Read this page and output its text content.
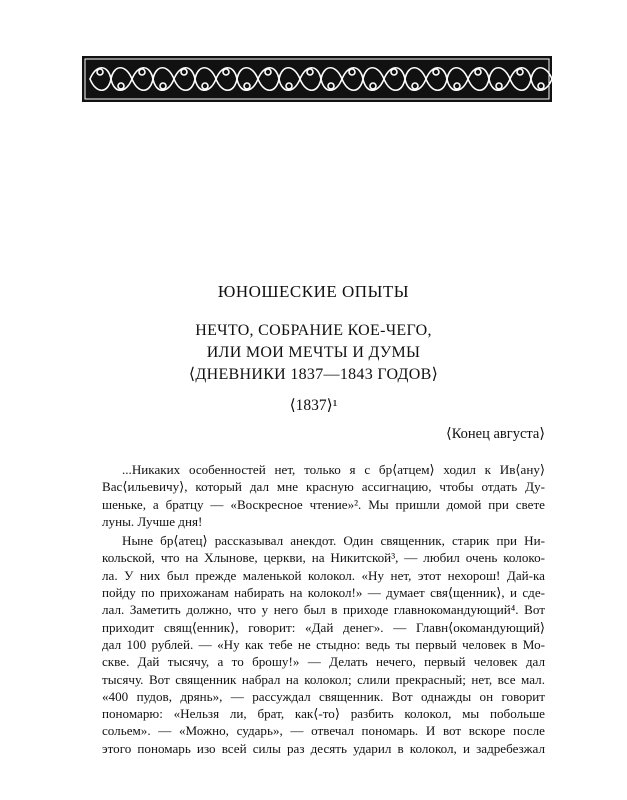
ЮНОШЕСКИЕ ОПЫТЫ
НЕЧТО, СОБРАНИЕ КОЕ-ЧЕГО,
ИЛИ МОИ МЕЧТЫ И ДУМЫ
⟨ДНЕВНИКИ 1837—1843 ГОДОВ⟩
⟨1837⟩¹
⟨Конец августа⟩
...Никаких особенностей нет, только я с бр⟨атцем⟩ ходил к Ив⟨ану⟩
Вас⟨ильевичу⟩, который дал мне красную ассигнацию, чтобы отдать Ду-
шеньке, а братцу — «Воскресное чтение»². Мы пришли домой при свете
луны. Лучше дня!
Ныне бр⟨атец⟩ рассказывал анекдот. Один священник, старик при Ни-
кольской, что на Хлынове, церкви, на Никитской³, — любил очень колоко-
ла. У них был прежде маленькой колокол. «Ну нет, этот нехорош! Дай-ка
пойду по прихожанам набирать на колокол!» — думает свя⟨щенник⟩, и сде-
лал. Заметить должно, что у него был в приходе главнокомандующий⁴. Вот
приходит свящ⟨енник⟩, говорит: «Дай денег». — Главн⟨окомандующий⟩
дал 100 рублей. — «Ну как тебе не стыдно: ведь ты первый человек в Мо-
скве. Дай тысячу, а то брошу!» — Делать нечего, первый человек дал
тысячу. Вот священник набрал на колокол; слили прекрасный; нет, все мал.
«400 пудов, дрянь», — рассуждал священник. Вот однажды он говорит
пономарю: «Нельзя ли, брат, как⟨-то⟩ разбить колокол, мы побольше
сольем». — «Можно, сударь», — отвечал пономарь. И вот вскоре после
этого пономарь изо всей силы раз десять ударил в колокол, и задребезжал
